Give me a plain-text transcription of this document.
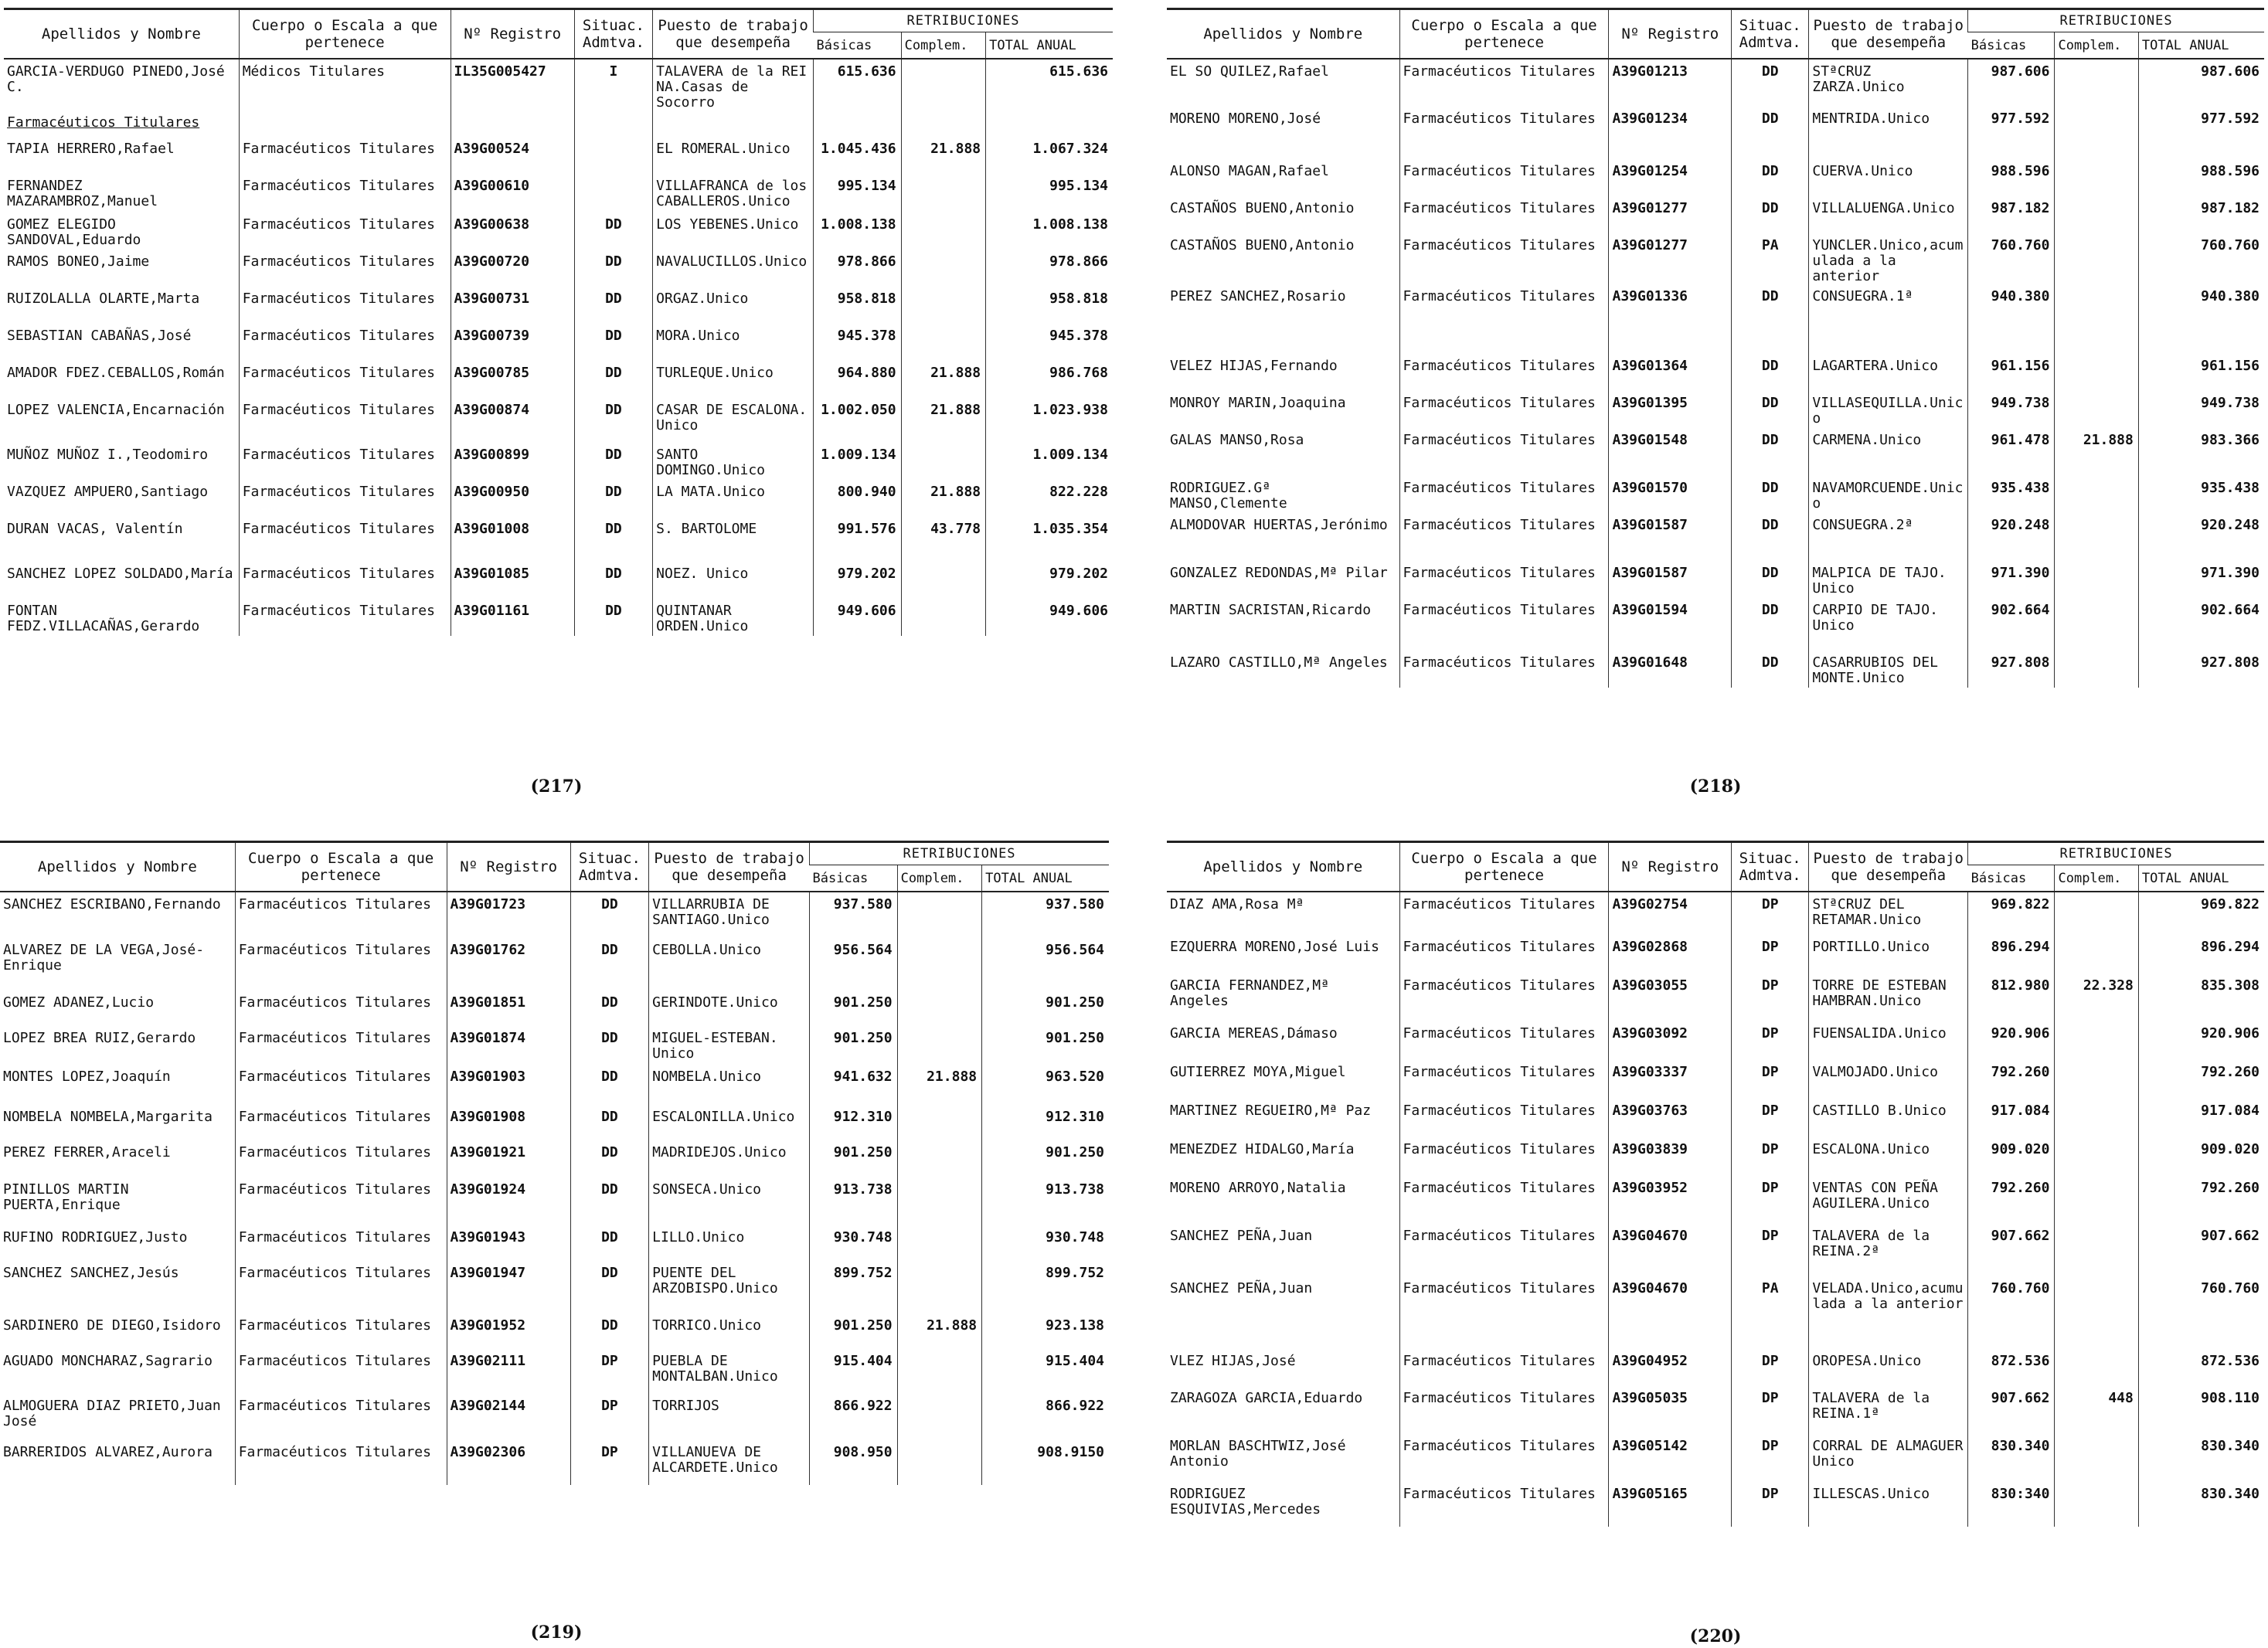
Apellidos y Nombre	Cuerpo o Escala a que pertenece	Nº Registro	Situac. Admtva.	Puesto de trabajo que desempeña	RETRIBUCIONES		
					Básicas	Complem.	TOTAL ANUAL
GARCIA-VERDUGO PINEDO,José C.	Médicos Titulares	IL35G005427	I	TALAVERA de la REI NA.Casas de Socorro	615.636		615.636
Farmacéuticos Titulares							
TAPIA HERRERO,Rafael	Farmacéuticos Titulares	A39G00524		EL ROMERAL.Unico	1.045.436	21.888	1.067.324
FERNANDEZ MAZARAMBROZ,Manuel	Farmacéuticos Titulares	A39G00610		VILLAFRANCA de los CABALLEROS.Unico	995.134		995.134
GOMEZ ELEGIDO SANDOVAL,Eduardo	Farmacéuticos Titulares	A39G00638	DD	LOS YEBENES.Unico	1.008.138		1.008.138
RAMOS BONEO,Jaime	Farmacéuticos Titulares	A39G00720	DD	NAVALUCILLOS.Unico	978.866		978.866
RUIZOLALLA OLARTE,Marta	Farmacéuticos Titulares	A39G00731	DD	ORGAZ.Unico	958.818		958.818
SEBASTIAN CABAÑAS,José	Farmacéuticos Titulares	A39G00739	DD	MORA.Unico	945.378		945.378
AMADOR FDEZ.CEBALLOS,Román	Farmacéuticos Titulares	A39G00785	DD	TURLEQUE.Unico	964.880	21.888	986.768
LOPEZ VALENCIA,Encarnación	Farmacéuticos Titulares	A39G00874	DD	CASAR DE ESCALONA. Unico	1.002.050	21.888	1.023.938
MUÑOZ MUÑOZ I.,Teodomiro	Farmacéuticos Titulares	A39G00899	DD	SANTO DOMINGO.Unico	1.009.134		1.009.134
VAZQUEZ AMPUERO,Santiago	Farmacéuticos Titulares	A39G00950	DD	LA MATA.Unico	800.940	21.888	822.228
DURAN VACAS, Valentín	Farmacéuticos Titulares	A39G01008	DD	S. BARTOLOME	991.576	43.778	1.035.354
SANCHEZ LOPEZ SOLDADO,María	Farmacéuticos Titulares	A39G01085	DD	NOEZ. Unico	979.202		979.202
FONTAN FEDZ.VILLACAÑAS,Gerardo	Farmacéuticos Titulares	A39G01161	DD	QUINTANAR ORDEN.Unico	949.606		949.606
Apellidos y Nombre	Cuerpo o Escala a que pertenece	Nº Registro	Situac. Admtva.	Puesto de trabajo que desempeña	RETRIBUCIONES		
					Básicas	Complem.	TOTAL ANUAL
EL SO QUILEZ,Rafael	Farmacéuticos Titulares	A39G01213	DD	STªCRUZ ZARZA.Unico	987.606		987.606
MORENO MORENO,José	Farmacéuticos Titulares	A39G01234	DD	MENTRIDA.Unico	977.592		977.592
ALONSO MAGAN,Rafael	Farmacéuticos Titulares	A39G01254	DD	CUERVA.Unico	988.596		988.596
CASTAÑOS BUENO,Antonio	Farmacéuticos Titulares	A39G01277	DD	VILLALUENGA.Unico	987.182		987.182
CASTAÑOS BUENO,Antonio	Farmacéuticos Titulares	A39G01277	PA	YUNCLER.Unico,acumulada a la anterior	760.760		760.760
PEREZ SANCHEZ,Rosario	Farmacéuticos Titulares	A39G01336	DD	CONSUEGRA.1ª	940.380		940.380
VELEZ HIJAS,Fernando	Farmacéuticos Titulares	A39G01364	DD	LAGARTERA.Unico	961.156		961.156
MONROY MARIN,Joaquina	Farmacéuticos Titulares	A39G01395	DD	VILLASEQUILLA.Unico	949.738		949.738
GALAS MANSO,Rosa	Farmacéuticos Titulares	A39G01548	DD	CARMENA.Unico	961.478	21.888	983.366
RODRIGUEZ.Gª MANSO,Clemente	Farmacéuticos Titulares	A39G01570	DD	NAVAMORCUENDE.Unico	935.438		935.438
ALMODOVAR HUERTAS,Jerónimo	Farmacéuticos Titulares	A39G01587	DD	CONSUEGRA.2ª	920.248		920.248
GONZALEZ REDONDAS,Mª Pilar	Farmacéuticos Titulares	A39G01587	DD	MALPICA DE TAJO. Unico	971.390		971.390
MARTIN SACRISTAN,Ricardo	Farmacéuticos Titulares	A39G01594	DD	CARPIO DE TAJO. Unico	902.664		902.664
LAZARO CASTILLO,Mª Angeles	Farmacéuticos Titulares	A39G01648	DD	CASARRUBIOS DEL MONTE.Unico	927.808		927.808
Apellidos y Nombre	Cuerpo o Escala a que pertenece	Nº Registro	Situac. Admtva.	Puesto de trabajo que desempeña	RETRIBUCIONES		
					Básicas	Complem.	TOTAL ANUAL
SANCHEZ ESCRIBANO,Fernando	Farmacéuticos Titulares	A39G01723	DD	VILLARRUBIA DE SANTIAGO.Unico	937.580		937.580
ALVAREZ DE LA VEGA,José-Enrique	Farmacéuticos Titulares	A39G01762	DD	CEBOLLA.Unico	956.564		956.564
GOMEZ ADANEZ,Lucio	Farmacéuticos Titulares	A39G01851	DD	GERINDOTE.Unico	901.250		901.250
LOPEZ BREA RUIZ,Gerardo	Farmacéuticos Titulares	A39G01874	DD	MIGUEL-ESTEBAN. Unico	901.250		901.250
MONTES LOPEZ,Joaquín	Farmacéuticos Titulares	A39G01903	DD	NOMBELA.Unico	941.632	21.888	963.520
NOMBELA NOMBELA,Margarita	Farmacéuticos Titulares	A39G01908	DD	ESCALONILLA.Unico	912.310		912.310
PEREZ FERRER,Araceli	Farmacéuticos Titulares	A39G01921	DD	MADRIDEJOS.Unico	901.250		901.250
PINILLOS MARTIN PUERTA,Enrique	Farmacéuticos Titulares	A39G01924	DD	SONSECA.Unico	913.738		913.738
RUFINO RODRIGUEZ,Justo	Farmacéuticos Titulares	A39G01943	DD	LILLO.Unico	930.748		930.748
SANCHEZ SANCHEZ,Jesús	Farmacéuticos Titulares	A39G01947	DD	PUENTE DEL ARZOBISPO.Unico	899.752		899.752
SARDINERO DE DIEGO,Isidoro	Farmacéuticos Titulares	A39G01952	DD	TORRICO.Unico	901.250	21.888	923.138
AGUADO MONCHARAZ,Sagrario	Farmacéuticos Titulares	A39G02111	DP	PUEBLA DE MONTALBAN.Unico	915.404		915.404
ALMOGUERA DIAZ PRIETO,Juan José	Farmacéuticos Titulares	A39G02144	DP	TORRIJOS	866.922		866.922
BARRERIDOS ALVAREZ,Aurora	Farmacéuticos Titulares	A39G02306	DP	VILLANUEVA DE ALCARDETE.Unico	908.950		908.9150
Apellidos y Nombre	Cuerpo o Escala a que pertenece	Nº Registro	Situac. Admtva.	Puesto de trabajo que desempeña	RETRIBUCIONES		
					Básicas	Complem.	TOTAL ANUAL
DIAZ AMA,Rosa Mª	Farmacéuticos Titulares	A39G02754	DP	STªCRUZ DEL RETAMAR.Unico	969.822		969.822
EZQUERRA MORENO,José Luis	Farmacéuticos Titulares	A39G02868	DP	PORTILLO.Unico	896.294		896.294
GARCIA FERNANDEZ,Mª Angeles	Farmacéuticos Titulares	A39G03055	DP	TORRE DE ESTEBAN HAMBRAN.Unico	812.980	22.328	835.308
GARCIA MEREAS,Dámaso	Farmacéuticos Titulares	A39G03092	DP	FUENSALIDA.Unico	920.906		920.906
GUTIERREZ MOYA,Miguel	Farmacéuticos Titulares	A39G03337	DP	VALMOJADO.Unico	792.260		792.260
MARTINEZ REGUEIRO,Mª Paz	Farmacéuticos Titulares	A39G03763	DP	CASTILLO B.Unico	917.084		917.084
MENEZDEZ HIDALGO,María	Farmacéuticos Titulares	A39G03839	DP	ESCALONA.Unico	909.020		909.020
MORENO ARROYO,Natalia	Farmacéuticos Titulares	A39G03952	DP	VENTAS CON PEÑA AGUILERA.Unico	792.260		792.260
SANCHEZ PEÑA,Juan	Farmacéuticos Titulares	A39G04670	DP	TALAVERA de la REINA.2ª	907.662		907.662
SANCHEZ PEÑA,Juan	Farmacéuticos Titulares	A39G04670	PA	VELADA.Unico,acumulada a la anterior	760.760		760.760
VLEZ HIJAS,José	Farmacéuticos Titulares	A39G04952	DP	OROPESA.Unico	872.536		872.536
ZARAGOZA GARCIA,Eduardo	Farmacéuticos Titulares	A39G05035	DP	TALAVERA de la REINA.1ª	907.662	448	908.110
MORLAN BASCHTWIZ,José Antonio	Farmacéuticos Titulares	A39G05142	DP	CORRAL DE ALMAGUER Unico	830.340		830.340
RODRIGUEZ ESQUIVIAS,Mercedes	Farmacéuticos Titulares	A39G05165	DP	ILLESCAS.Unico	830:340		830.340
(217)	(218)
(219)	(220)
